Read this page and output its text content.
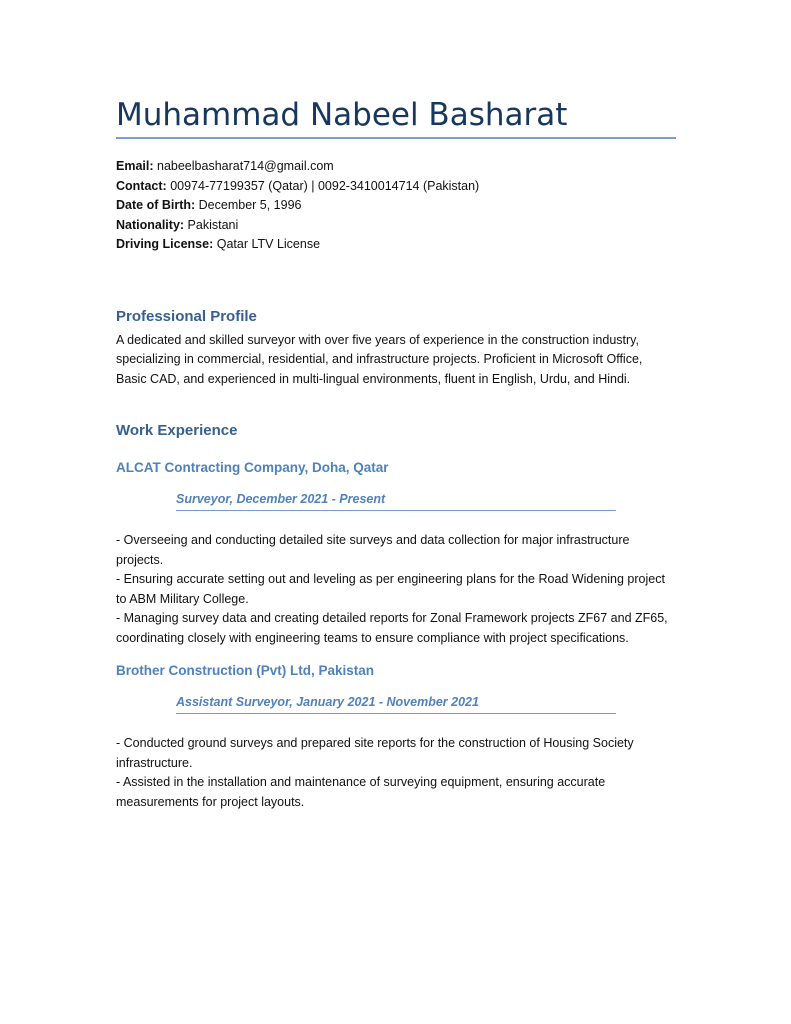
Muhammad Nabeel Basharat
Email: nabeelbasharat714@gmail.com
Contact: 00974-77199357 (Qatar) | 0092-3410014714 (Pakistan)
Date of Birth: December 5, 1996
Nationality: Pakistani
Driving License: Qatar LTV License
Professional Profile
A dedicated and skilled surveyor with over five years of experience in the construction industry, specializing in commercial, residential, and infrastructure projects. Proficient in Microsoft Office, Basic CAD, and experienced in multi-lingual environments, fluent in English, Urdu, and Hindi.
Work Experience
ALCAT Contracting Company, Doha, Qatar
Surveyor, December 2021 - Present

- Overseeing and conducting detailed site surveys and data collection for major infrastructure projects.

- Ensuring accurate setting out and leveling as per engineering plans for the Road Widening project to ABM Military College.

- Managing survey data and creating detailed reports for Zonal Framework projects ZF67 and ZF65, coordinating closely with engineering teams to ensure compliance with project specifications.

Brother Construction (Pvt) Ltd, Pakistan
Assistant Surveyor, January 2021 - November 2021

- Conducted ground surveys and prepared site reports for the construction of Housing Society infrastructure.

- Assisted in the installation and maintenance of surveying equipment, ensuring accurate measurements for project layouts.
